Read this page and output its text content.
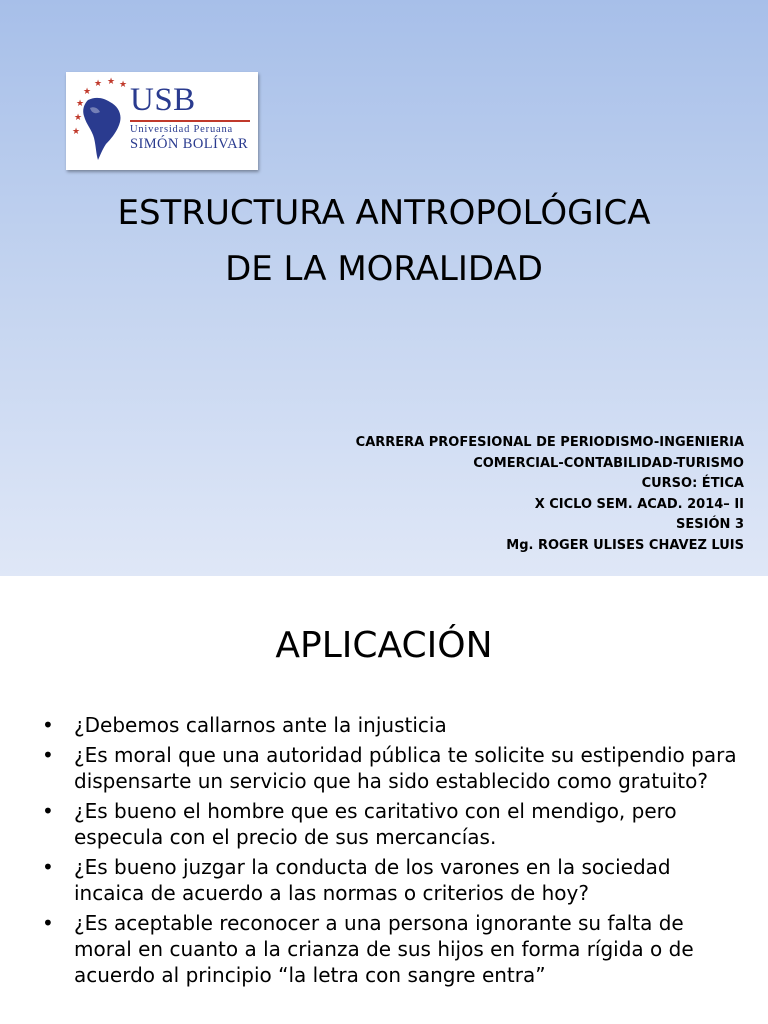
★
★
★
★ ★ ★
★
USB
Universidad Peruana
SIMÓN BOLÍVAR
ESTRUCTURA ANTROPOLÓGICA
DE LA MORALIDAD
CARRERA PROFESIONAL DE PERIODISMO-INGENIERIA
COMERCIAL-CONTABILIDAD-TURISMO
CURSO: ÉTICA
X CICLO SEM. ACAD. 2014– II
SESIÓN 3
Mg. ROGER ULISES CHAVEZ LUIS
APLICACIÓN
• ¿Debemos callarnos ante la injusticia
• ¿Es moral que una autoridad pública te solicite su estipendio para dispensarte un servicio que ha sido establecido como gratuito?
• ¿Es bueno el hombre que es caritativo con el mendigo, pero especula con el precio de sus mercancías.
• ¿Es bueno juzgar la conducta de los varones en la sociedad incaica de acuerdo a las normas o criterios de hoy?
• ¿Es aceptable reconocer a una persona ignorante su falta de moral en cuanto a la crianza de sus hijos en forma rígida o de acuerdo al principio “la letra con sangre entra”
